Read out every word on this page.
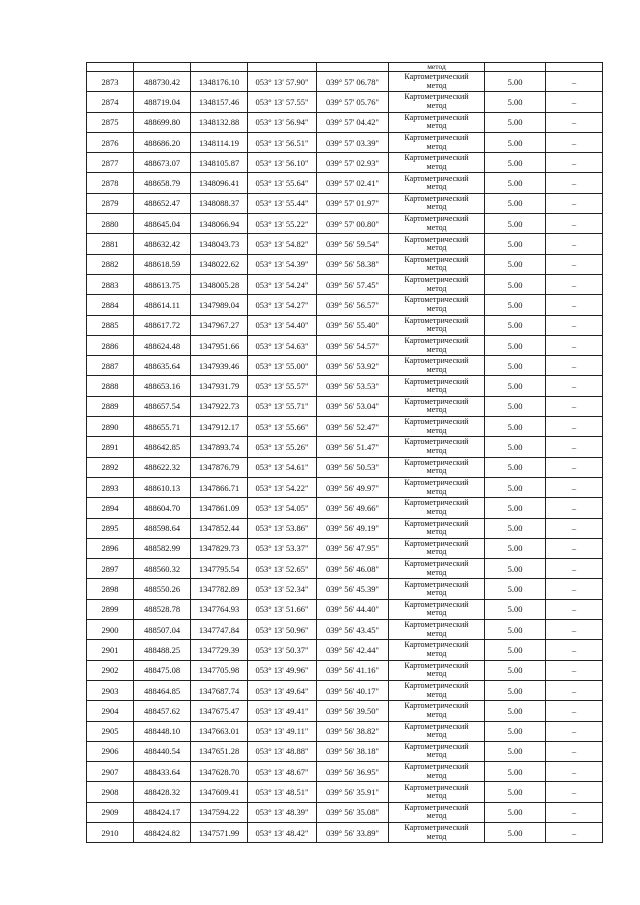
					метод		
2873	488730.42	1348176.10	053° 13' 57.90"	039° 57' 06.78"	Картометрический
метод	5.00	–
2874	488719.04	1348157.46	053° 13' 57.55"	039° 57' 05.76"	Картометрический
метод	5.00	–
2875	488699.80	1348132.88	053° 13' 56.94"	039° 57' 04.42"	Картометрический
метод	5.00	–
2876	488686.20	1348114.19	053° 13' 56.51"	039° 57' 03.39"	Картометрический
метод	5.00	–
2877	488673.07	1348105.87	053° 13' 56.10"	039° 57' 02.93"	Картометрический
метод	5.00	–
2878	488658.79	1348096.41	053° 13' 55.64"	039° 57' 02.41"	Картометрический
метод	5.00	–
2879	488652.47	1348088.37	053° 13' 55.44"	039° 57' 01.97"	Картометрический
метод	5.00	–
2880	488645.04	1348066.94	053° 13' 55.22"	039° 57' 00.80"	Картометрический
метод	5.00	–
2881	488632.42	1348043.73	053° 13' 54.82"	039° 56' 59.54"	Картометрический
метод	5.00	–
2882	488618.59	1348022.62	053° 13' 54.39"	039° 56' 58.38"	Картометрический
метод	5.00	–
2883	488613.75	1348005.28	053° 13' 54.24"	039° 56' 57.45"	Картометрический
метод	5.00	–
2884	488614.11	1347989.04	053° 13' 54.27"	039° 56' 56.57"	Картометрический
метод	5.00	–
2885	488617.72	1347967.27	053° 13' 54.40"	039° 56' 55.40"	Картометрический
метод	5.00	–
2886	488624.48	1347951.66	053° 13' 54.63"	039° 56' 54.57"	Картометрический
метод	5.00	–
2887	488635.64	1347939.46	053° 13' 55.00"	039° 56' 53.92"	Картометрический
метод	5.00	–
2888	488653.16	1347931.79	053° 13' 55.57"	039° 56' 53.53"	Картометрический
метод	5.00	–
2889	488657.54	1347922.73	053° 13' 55.71"	039° 56' 53.04"	Картометрический
метод	5.00	–
2890	488655.71	1347912.17	053° 13' 55.66"	039° 56' 52.47"	Картометрический
метод	5.00	–
2891	488642.85	1347893.74	053° 13' 55.26"	039° 56' 51.47"	Картометрический
метод	5.00	–
2892	488622.32	1347876.79	053° 13' 54.61"	039° 56' 50.53"	Картометрический
метод	5.00	–
2893	488610.13	1347866.71	053° 13' 54.22"	039° 56' 49.97"	Картометрический
метод	5.00	–
2894	488604.70	1347861.09	053° 13' 54.05"	039° 56' 49.66"	Картометрический
метод	5.00	–
2895	488598.64	1347852.44	053° 13' 53.86"	039° 56' 49.19"	Картометрический
метод	5.00	–
2896	488582.99	1347829.73	053° 13' 53.37"	039° 56' 47.95"	Картометрический
метод	5.00	–
2897	488560.32	1347795.54	053° 13' 52.65"	039° 56' 46.08"	Картометрический
метод	5.00	–
2898	488550.26	1347782.89	053° 13' 52.34"	039° 56' 45.39"	Картометрический
метод	5.00	–
2899	488528.78	1347764.93	053° 13' 51.66"	039° 56' 44.40"	Картометрический
метод	5.00	–
2900	488507.04	1347747.84	053° 13' 50.96"	039° 56' 43.45"	Картометрический
метод	5.00	–
2901	488488.25	1347729.39	053° 13' 50.37"	039° 56' 42.44"	Картометрический
метод	5.00	–
2902	488475.08	1347705.98	053° 13' 49.96"	039° 56' 41.16"	Картометрический
метод	5.00	–
2903	488464.85	1347687.74	053° 13' 49.64"	039° 56' 40.17"	Картометрический
метод	5.00	–
2904	488457.62	1347675.47	053° 13' 49.41"	039° 56' 39.50"	Картометрический
метод	5.00	–
2905	488448.10	1347663.01	053° 13' 49.11"	039° 56' 38.82"	Картометрический
метод	5.00	–
2906	488440.54	1347651.28	053° 13' 48.88"	039° 56' 38.18"	Картометрический
метод	5.00	–
2907	488433.64	1347628.70	053° 13' 48.67"	039° 56' 36.95"	Картометрический
метод	5.00	–
2908	488428.32	1347609.41	053° 13' 48.51"	039° 56' 35.91"	Картометрический
метод	5.00	–
2909	488424.17	1347594.22	053° 13' 48.39"	039° 56' 35.08"	Картометрический
метод	5.00	–
2910	488424.82	1347571.99	053° 13' 48.42"	039° 56' 33.89"	Картометрический
метод	5.00	–
